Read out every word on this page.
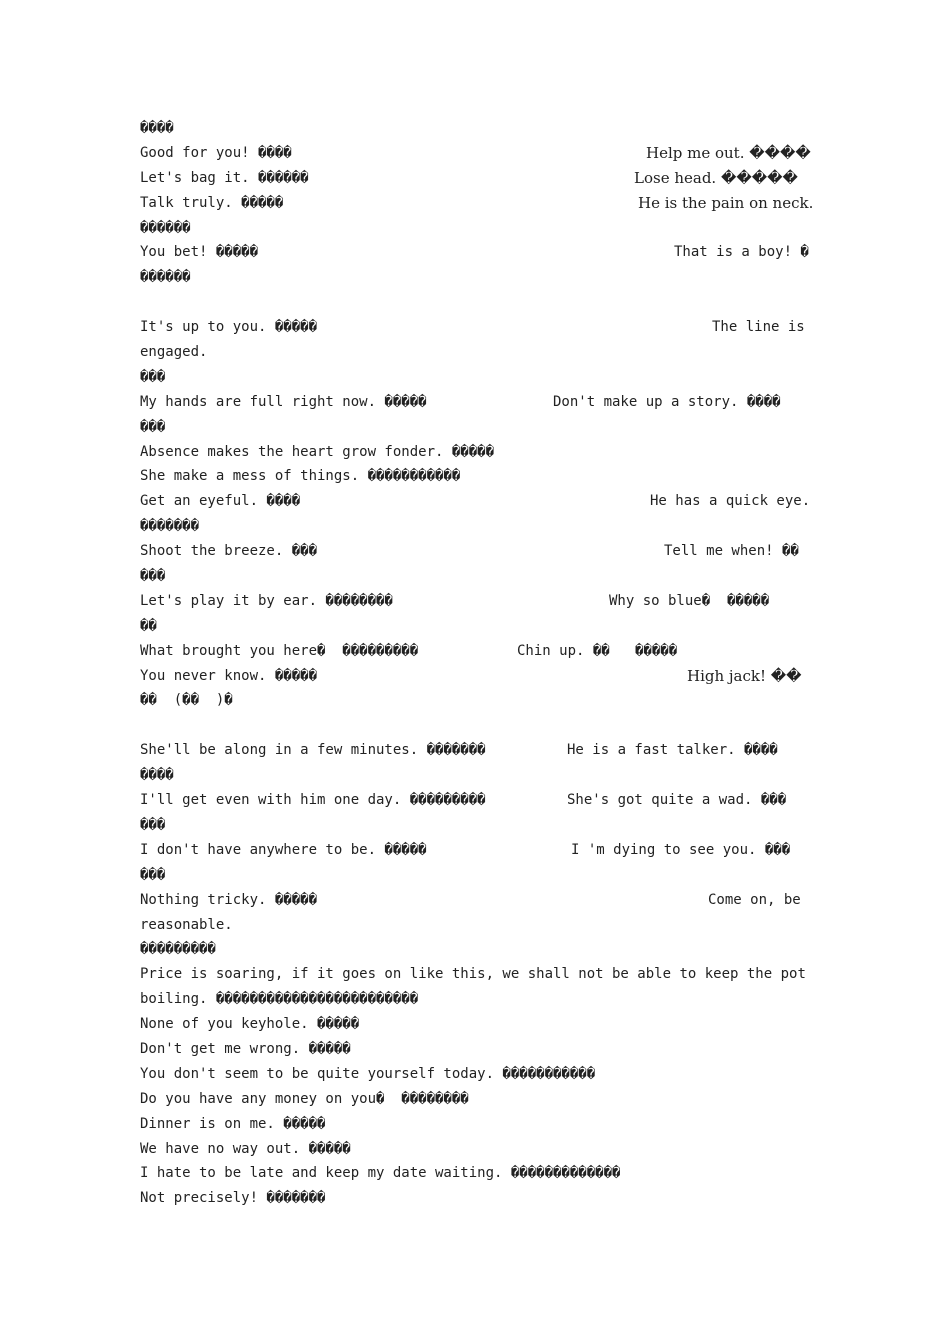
����
Good for you! ����	Help me out. ����
Let's bag it. ������	Lose head. �����
Talk truly. �����	He is the pain on neck.
������
You bet! �����	That is a boy! �
������
It's up to you. �����	The line is
engaged.
���
My hands are full right now. �����	Don't make up a story. ����
���
Absence makes the heart grow fonder. �����
She make a mess of things. �����������
Get an eyeful. ����	He has a quick eye.
�������
Shoot the breeze. ���	Tell me when! ��
���
Let's play it by ear. ��������	Why so blue�  �����
��
What brought you here�  ���������	Chin up. ��   �����
You never know. �����	High jack! ��
��  (��  )�
She'll be along in a few minutes. �������	He is a fast talker. ����
����
I'll get even with him one day. ���������	She's got quite a wad. ���
���
I don't have anywhere to be. �����	I 'm dying to see you. ���
���
Nothing tricky. �����	Come on, be
reasonable.
���������
Price is soaring, if it goes on like this, we shall not be able to keep the pot
boiling. ������������������������
None of you keyhole. �����
Don't get me wrong. �����
You don't seem to be quite yourself today. �����������
Do you have any money on you�  ��������
Dinner is on me. �����
We have no way out. �����
I hate to be late and keep my date waiting. �������������
Not precisely! �������
